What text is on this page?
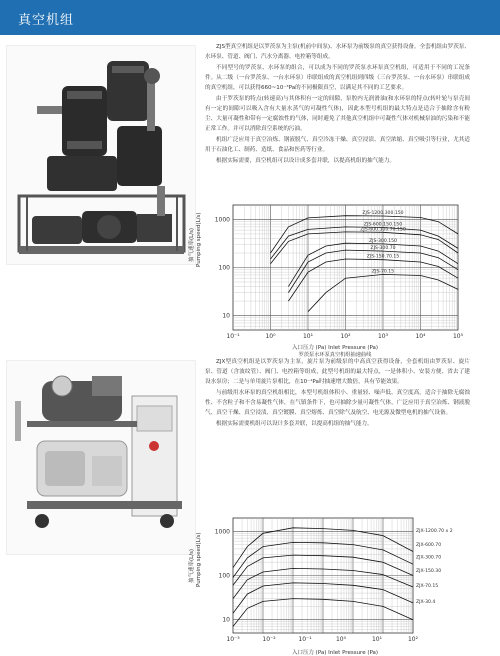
真空机组

ZJS型真空机组是以罗茨泵为主泵(机前中间泵)、水环泵为前级泵的真空获得设备。全套机组由罗茨泵、水环泵、管道、阀门、汽水分离器、电控箱等组成。

不同型号的罗茨泵、水环泵的组合，可以成为不同的罗茨泵水环泵真空机组，可适用于不同的工况条件。从二级（一台罗茨泵、一台水环泵）串联组成的真空机组到四级（三台罗茨泵、一台水环泵）串联组成的真空机组，可以获得660~10⁻³Pa的不同极限真空，以满足其不同的工艺要求。

由于罗茨泵的特点(转速高)与其体积有一定的间隙，泵腔内无润滑油(和水环泵的特点(转叶轮与泵壳间有一定的间隙可以吸入含有大量水蒸气的可凝性气体)，因此本型号机组的最大特点是适合于抽除含有粉尘、大量可凝性和带有一定腐蚀性的气体，同时避免了其他真空机组中可凝性气体对机械泵油的污染和不能正常工作。并可以消除真空系统的污油。

机组广泛应用于真空冶炼、钢液脱气、真空冷冻干燥、真空浸渍、真空浓缩、真空吸引等行业，尤其适用于石油化工、制药、造纸、食品和医药等行业。

根据实际需要，真空机组可以设计成多套并联，以提高机组的抽气能力。

抽气速率(L/s) Pumping speed(L/s)
入口压力 (Pa) Inlet Pressure (Pa)
罗茨泵水环泵真空机组抽速曲线
1000
100
10
10⁻¹	10⁰	10¹	10²	10³	10⁴	10⁵
ZJS-1200.300.150
ZJS-600.150.150
ZJS-600.300.70.150
ZJS-300.150
ZJS-300.70
ZJS-150.70.15
ZJS-70.15

ZJX型真空机组是以罗茨泵为主泵，旋片泵为前级泵的中高真空获得设备，全套机组由罗茨泵、旋片泵、管道（含波纹管）、阀门、电控箱等组成，此型号机组的最大特点，一是体积小、安装方便、省去了建设水泵房；二是与单用旋片泵相比，在10⁻¹Pa时抽速增大数倍，具有节能效果。

与前级用水环泵的真空机组相比，本型号机组体积小、重量轻、噪声低、真空度高。适合于抽除无腐蚀性、不含粒子和不含易凝性气体，在气镇条件下，也可抽除少量可凝性气体，广泛应用于真空冶炼、钢液脱气、真空干燥、真空浸渍、真空镀膜、真空熔炼、真空除气及航空、电光源及微型电机的抽气设备。

根据实际需要机组可以设计多套并联，以提高机组的抽气能力。

抽气速率(L/s) Pumping speed(L/s)
入口压力 (Pa) Inlet Pressure (Pa)
1000
100
10
10⁻³	10⁻²	10⁻¹	10⁰	10¹	10²
ZJX-1200.70 x 2
ZJX-600.70
ZJX-300.70
ZJX-150.30
ZJX-70.15
ZJX-30.4
